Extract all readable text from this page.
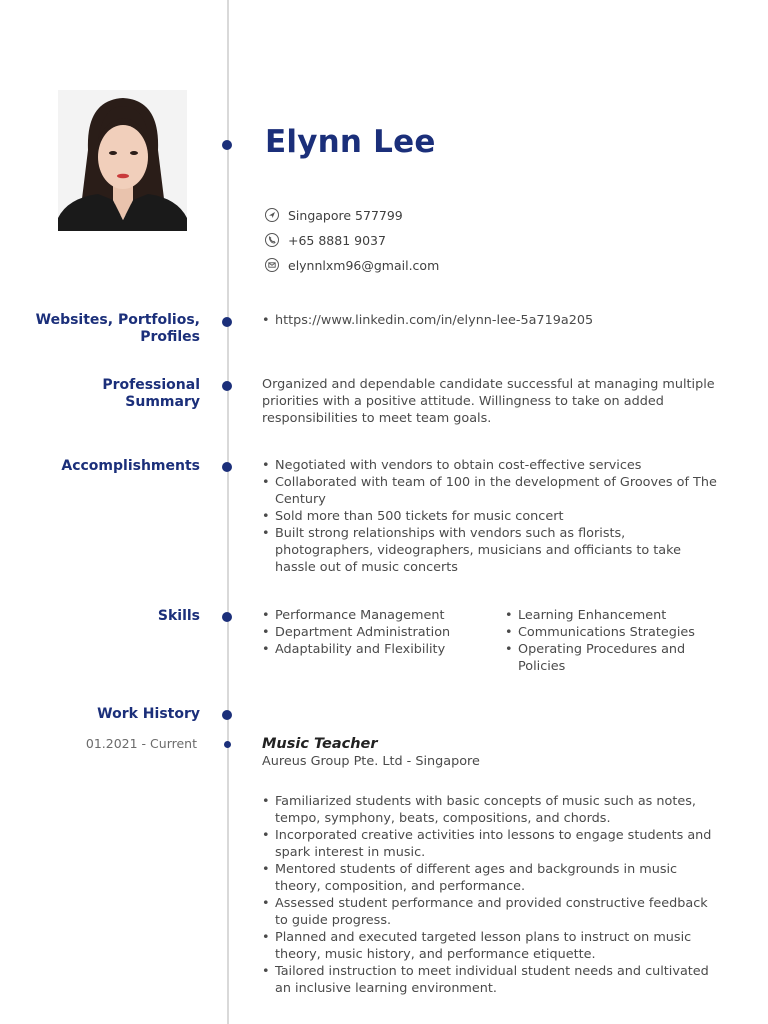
Elynn Lee
Singapore 577799
+65 8881 9037
elynnlxm96@gmail.com
Websites, Portfolios,
Profiles
• https://www.linkedin.com/in/elynn-lee-5a719a205
Professional
Summary
Organized and dependable candidate successful at managing multiple priorities with a positive attitude. Willingness to take on added responsibilities to meet team goals.
Accomplishments	• Negotiated with vendors to obtain cost-effective services
• Collaborated with team of 100 in the development of Grooves of The Century
• Sold more than 500 tickets for music concert
• Built strong relationships with vendors such as florists, photographers, videographers, musicians and officiants to take hassle out of music concerts
Skills	• Performance Management
• Department Administration
• Adaptability and Flexibility
• Learning Enhancement
• Communications Strategies
• Operating Procedures and Policies
Work History
01.2021 - Current	Music Teacher
Aureus Group Pte. Ltd - Singapore
• Familiarized students with basic concepts of music such as notes, tempo, symphony, beats, compositions, and chords.
• Incorporated creative activities into lessons to engage students and spark interest in music.
• Mentored students of different ages and backgrounds in music theory, composition, and performance.
• Assessed student performance and provided constructive feedback to guide progress.
• Planned and executed targeted lesson plans to instruct on music theory, music history, and performance etiquette.
• Tailored instruction to meet individual student needs and cultivated an inclusive learning environment.
